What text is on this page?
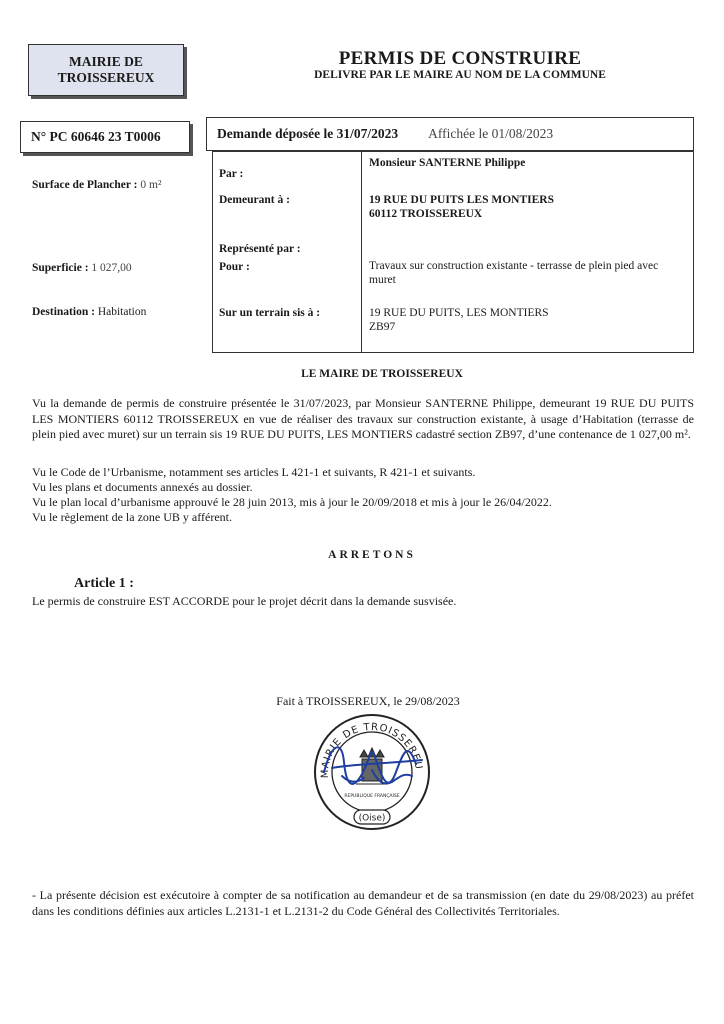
MAIRIE DE
TROISSEREUX
PERMIS DE CONSTRUIRE
DELIVRE PAR LE MAIRE AU NOM DE LA COMMUNE
N° PC 60646 23 T0006	Demande déposée le 31/07/2023 Affichée le 01/08/2023
Surface de Plancher : 0 m²
Superficie : 1 027,00
Destination : Habitation
Par :
Monsieur SANTERNE Philippe
Demeurant à :	19 RUE DU PUITS LES MONTIERS
60112 TROISSEREUX
Représenté par :
Pour :	Travaux sur construction existante - terrasse de plein pied avec
muret
Sur un terrain sis à :	19 RUE DU PUITS, LES MONTIERS
ZB97
LE MAIRE DE TROISSEREUX
Vu la demande de permis de construire présentée le 31/07/2023, par Monsieur SANTERNE Philippe, demeurant 19 RUE DU PUITS LES MONTIERS 60112 TROISSEREUX en vue de réaliser des travaux sur construction existante, à usage d’Habitation (terrasse de plein pied avec muret) sur un terrain sis 19 RUE DU PUITS, LES MONTIERS cadastré section ZB97, d’une contenance de 1 027,00 m².
Vu le Code de l’Urbanisme, notamment ses articles L 421-1 et suivants, R 421-1 et suivants.
Vu les plans et documents annexés au dossier.
Vu le plan local d’urbanisme approuvé le 28 juin 2013, mis à jour le 20/09/2018 et mis à jour le 26/04/2022.
Vu le règlement de la zone UB y afférent.
ARRETONS
Article 1 :
Le permis de construire EST ACCORDE pour le projet décrit dans la demande susvisée.
Fait à TROISSEREUX, le 29/08/2023
MAIRIE DE TROISSEREU
REPUBLIQUE FRANÇAISE
(Oise)
- La présente décision est exécutoire à compter de sa notification au demandeur et de sa transmission (en date du 29/08/2023) au préfet dans les conditions définies aux articles L.2131-1 et L.2131-2 du Code Général des Collectivités Territoriales.
